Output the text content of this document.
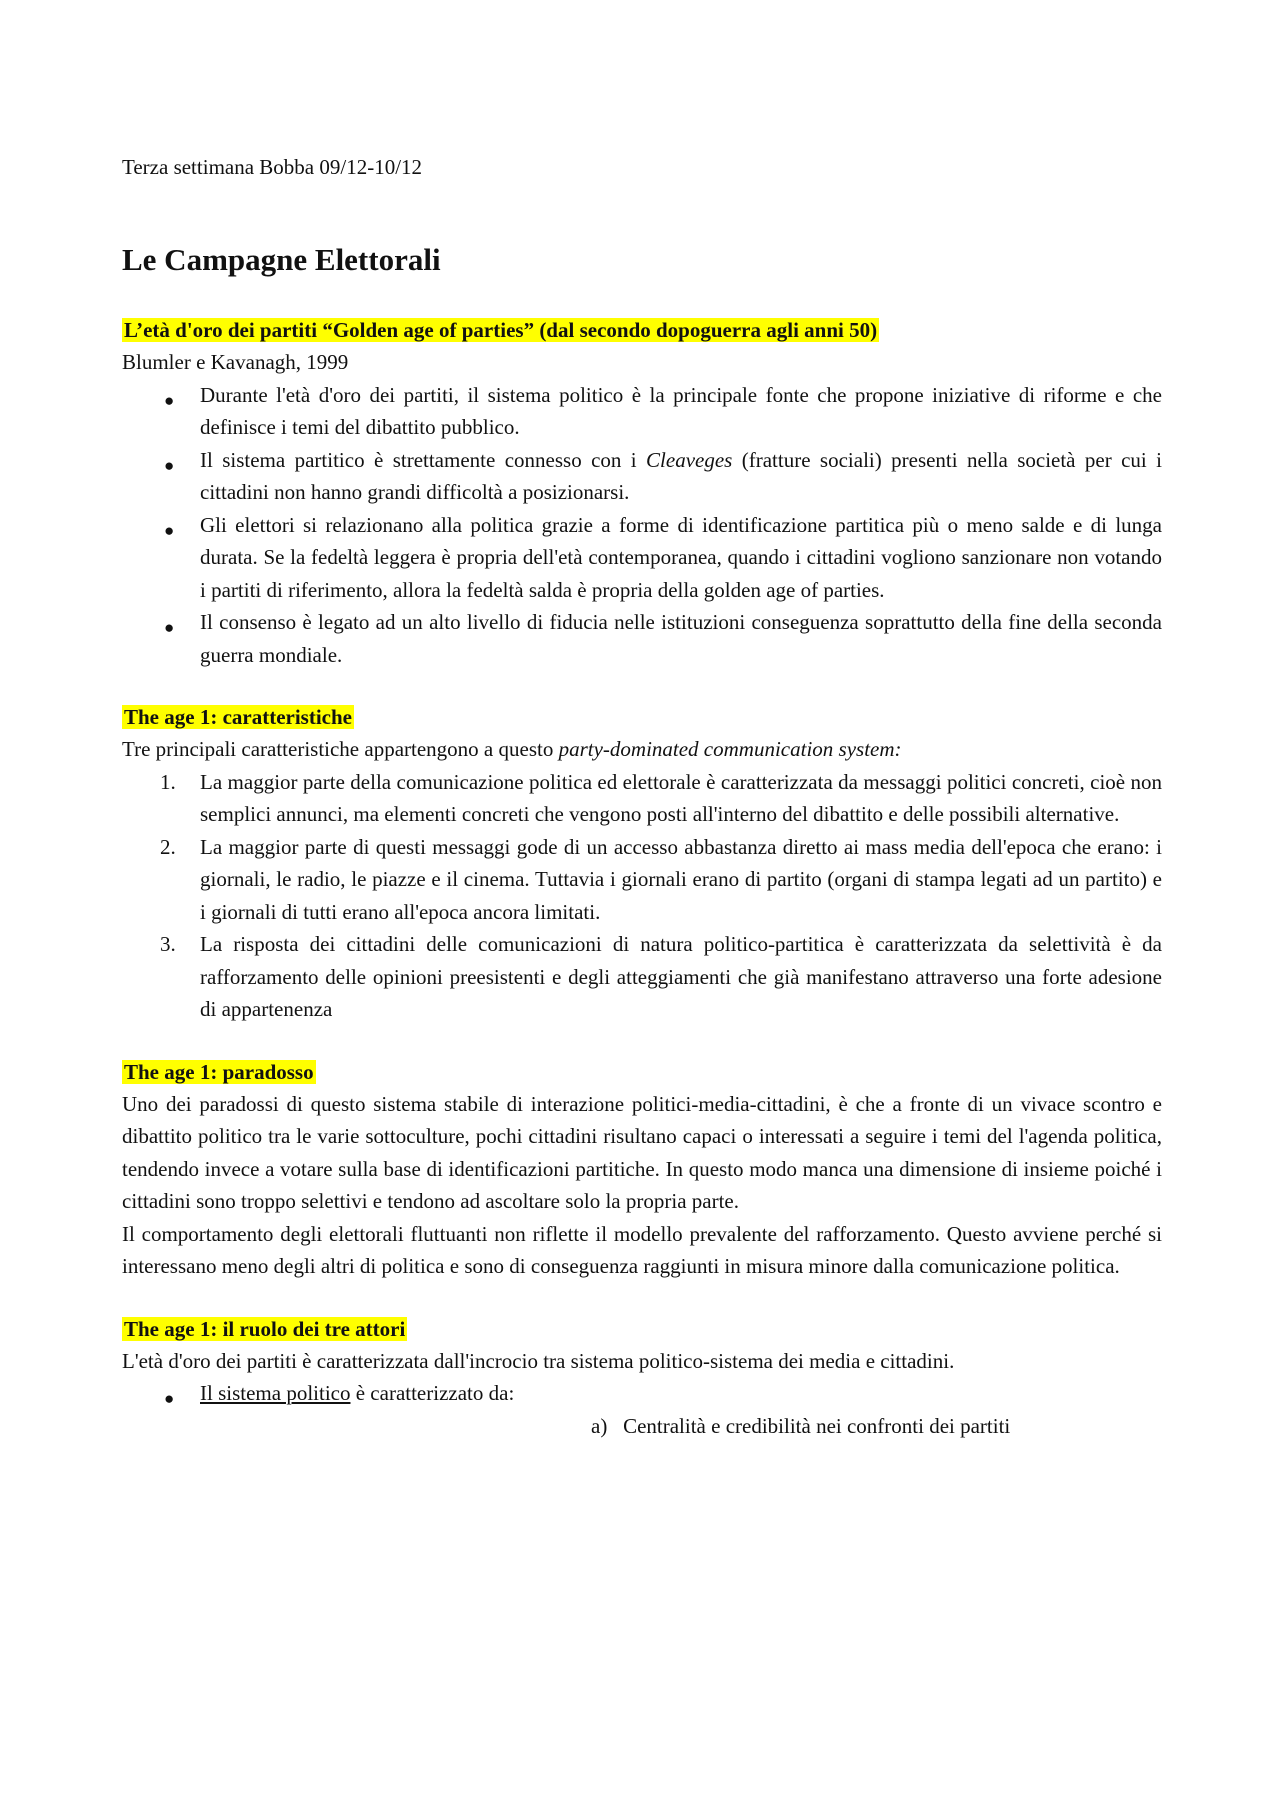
Terza settimana Bobba 09/12-10/12

Le Campagne Elettorali

L’età d'oro dei partiti “Golden age of parties” (dal secondo dopoguerra agli anni 50)

Blumler e Kavanagh, 1999

● Durante l'età d'oro dei partiti, il sistema politico è la principale fonte che propone iniziative di riforme e che definisce i temi del dibattito pubblico.
● Il sistema partitico è strettamente connesso con i Cleaveges (fratture sociali) presenti nella società per cui i cittadini non hanno grandi difficoltà a posizionarsi.
● Gli elettori si relazionano alla politica grazie a forme di identificazione partitica più o meno salde e di lunga durata. Se la fedeltà leggera è propria dell'età contemporanea, quando i cittadini vogliono sanzionare non votando i partiti di riferimento, allora la fedeltà salda è propria della golden age of parties.
● Il consenso è legato ad un alto livello di fiducia nelle istituzioni conseguenza soprattutto della fine della seconda guerra mondiale.

The age 1: caratteristiche

Tre principali caratteristiche appartengono a questo party-dominated communication system:

1.	La maggior parte della comunicazione politica ed elettorale è caratterizzata da messaggi politici concreti, cioè non semplici annunci, ma elementi concreti che vengono posti all'interno del dibattito e delle possibili alternative.
2.	La maggior parte di questi messaggi gode di un accesso abbastanza diretto ai mass media dell'epoca che erano: i giornali, le radio, le piazze e il cinema. Tuttavia i giornali erano di partito (organi di stampa legati ad un partito) e i giornali di tutti erano all'epoca ancora limitati.
3.	La risposta dei cittadini delle comunicazioni di natura politico-partitica è caratterizzata da selettività è da rafforzamento delle opinioni preesistenti e degli atteggiamenti che già manifestano attraverso una forte adesione di appartenenza

The age 1: paradosso

Uno dei paradossi di questo sistema stabile di interazione politici-media-cittadini, è che a fronte di un vivace scontro e dibattito politico tra le varie sottoculture, pochi cittadini risultano capaci o interessati a seguire i temi del l'agenda politica, tendendo invece a votare sulla base di identificazioni partitiche. In questo modo manca una dimensione di insieme poiché i cittadini sono troppo selettivi e tendono ad ascoltare solo la propria parte.

Il comportamento degli elettorali fluttuanti non riflette il modello prevalente del rafforzamento. Questo avviene perché si interessano meno degli altri di politica e sono di conseguenza raggiunti in misura minore dalla comunicazione politica.

The age 1: il ruolo dei tre attori

L'età d'oro dei partiti è caratterizzata dall'incrocio tra sistema politico-sistema dei media e cittadini.

● Il sistema politico è caratterizzato da:
a) Centralità e credibilità nei confronti dei partiti
